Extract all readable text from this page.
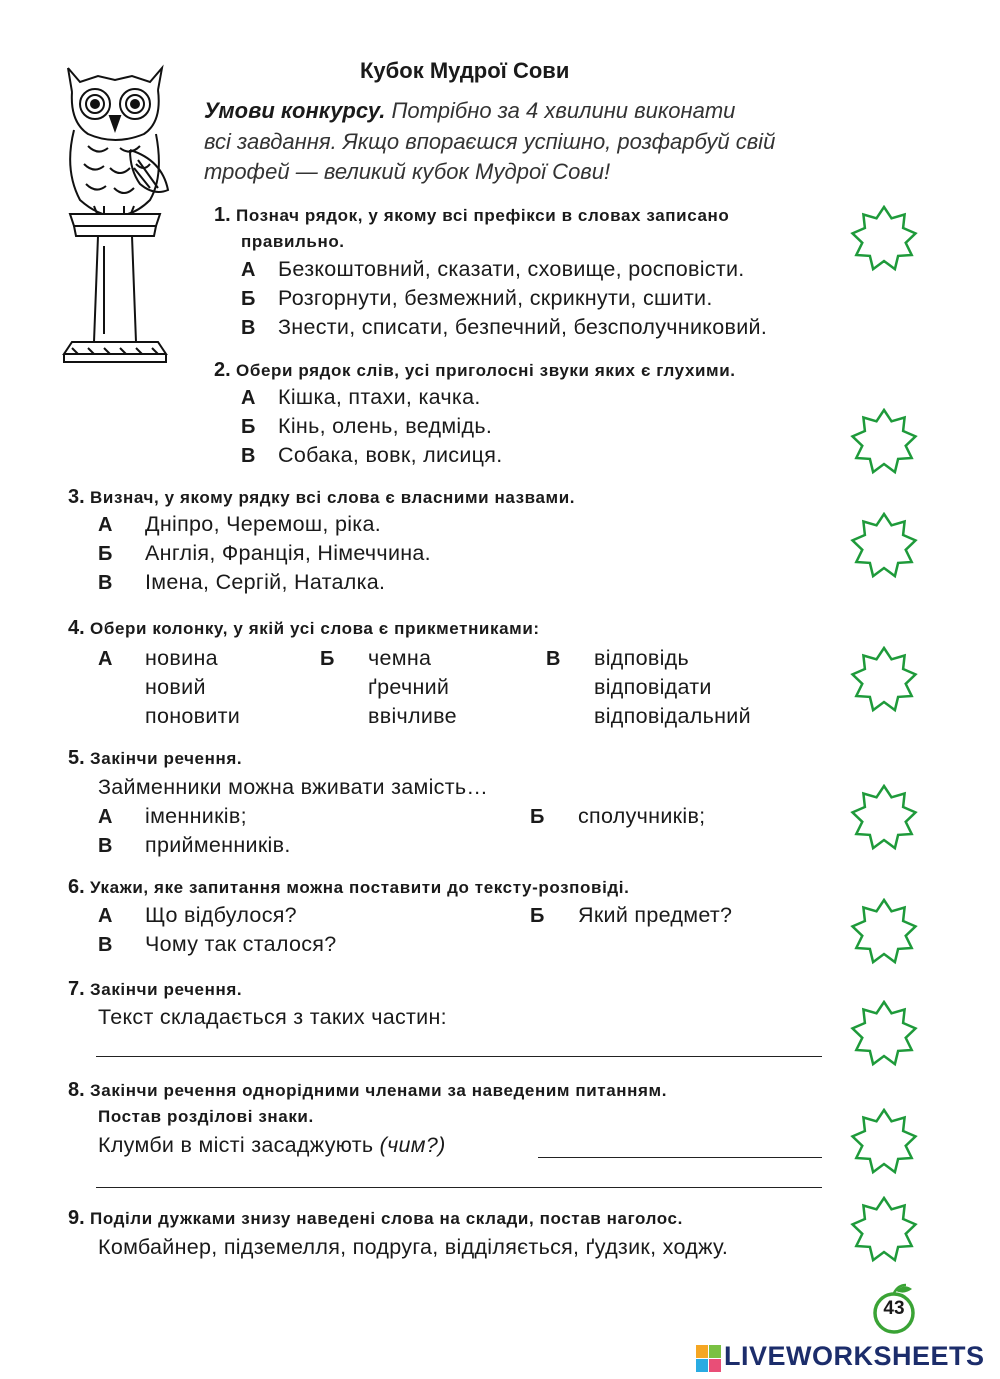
Кубок Мудрої Сови
Умови конкурсу. Потрібно за 4 хвилини виконати
всі завдання. Якщо впораєшся успішно, розфарбуй свій
трофей — великий кубок Мудрої Сови!
1. Познач рядок, у якому всі префікси в словах записано
правильно.
А Безкоштовний, сказати, сховище, росповісти.
Б Розгорнути, безмежний, скрикнути, сшити.
В Знести, списати, безпечний, безсполучниковий.
2. Обери рядок слів, усі приголосні звуки яких є глухими.
А Кішка, птахи, качка.
Б Кінь, олень, ведмідь.
В Собака, вовк, лисиця.
3. Визнач, у якому рядку всі слова є власними назвами.
А Дніпро, Черемош, ріка.
Б Англія, Франція, Німеччина.
В Імена, Сергій, Наталка.
4. Обери колонку, у якій усі слова є прикметниками:
А новина
новий
поновити
Б чемна
ґречний
ввічливе
В відповідь
відповідати
відповідальний
5. Закінчи речення.
Займенники можна вживати замість…
А іменників;	Б сполучників;
В прийменників.
6. Укажи, яке запитання можна поставити до тексту-розповіді.
А Що відбулося?	Б Який предмет?
В Чому так сталося?
7. Закінчи речення.
Текст складається з таких частин:
8. Закінчи речення однорідними членами за наведеним питанням.
Постав розділові знаки.
Клумби в місті засаджують (чим?)
9. Поділи дужками знизу наведені слова на склади, постав наголос.
Комбайнер, підземелля, подруга, відділяється, ґудзик, ходжу.
43
LIVEWORKSHEETS
